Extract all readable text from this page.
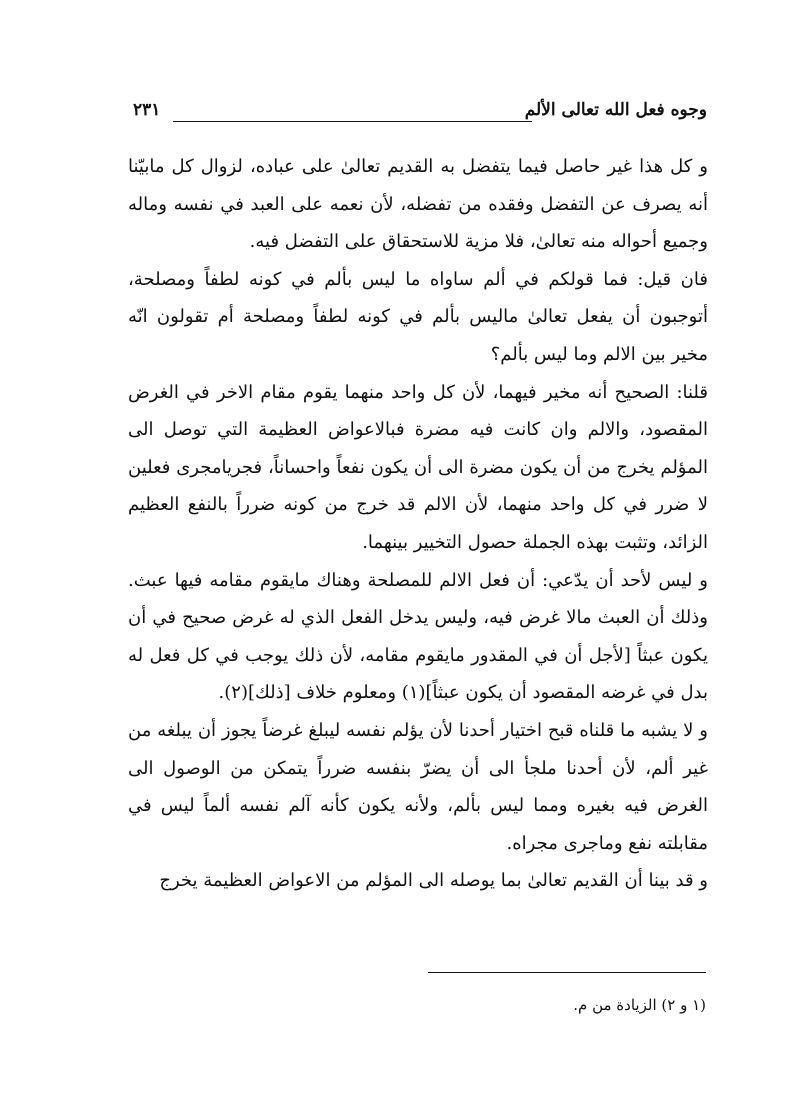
وجوه فعل الله تعالى الألم
٢٣١

و كل هذا غير حاصل فيما يتفضل به القديم تعالىٰ على عباده، لزوال كل مابيّنا أنه يصرف عن التفضل وفقده من تفضله، لأن نعمه على العبد في نفسه وماله وجميع أحواله منه تعالىٰ، فلا مزية للاستحقاق على التفضل فيه.

فان قيل: فما قولكم في ألم ساواه ما ليس بألم في كونه لطفاً ومصلحة، أتوجبون أن يفعل تعالىٰ ماليس بألم في كونه لطفاً ومصلحة أم تقولون انّه مخير بين الالم وما ليس بألم؟

قلنا: الصحيح أنه مخير فيهما، لأن كل واحد منهما يقوم مقام الاخر في الغرض المقصود، والالم وان كانت فيه مضرة فبالاعواض العظيمة التي توصل الى المؤلم يخرج من أن يكون مضرة الى أن يكون نفعاً واحساناً، فجريامجرى فعلين لا ضرر في كل واحد منهما، لأن الالم قد خرج من كونه ضرراً بالنفع العظيم الزائد، وتثبت بهذه الجملة حصول التخيير بينهما.

و ليس لأحد أن يدّعي: أن فعل الالم للمصلحة وهناك مايقوم مقامه فيها عبث. وذلك أن العبث مالا غرض فيه، وليس يدخل الفعل الذي له غرض صحيح في أن يكون عبثاً [لأجل أن في المقدور مايقوم مقامه، لأن ذلك يوجب في كل فعل له بدل في غرضه المقصود أن يكون عبثاً](١) ومعلوم خلاف [ذلك](٢).

و لا يشبه ما قلناه قبح اختيار أحدنا لأن يؤلم نفسه ليبلغ غرضاً يجوز أن يبلغه من غير ألم، لأن أحدنا ملجأ الى أن يضرّ بنفسه ضرراً يتمكن من الوصول الى الغرض فيه بغيره ومما ليس بألم، ولأنه يكون كأنه آلم نفسه ألماً ليس في مقابلته نفع وماجرى مجراه.

و قد بينا أن القديم تعالىٰ بما يوصله الى المؤلم من الاعواض العظيمة يخرج

(١ و ٢) الزيادة من م.
